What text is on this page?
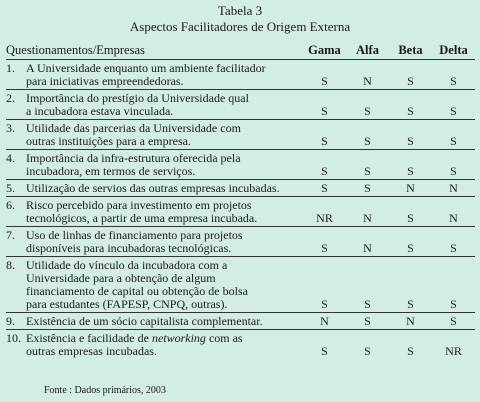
Tabela 3
Aspectos Facilitadores de Origem Externa
Questionamentos/Empresas		Gama	Alfa	Beta	Delta
1.	A Universidade enquanto um ambiente facilitador
para iniciativas empreendedoras.	S	N	S	S
2.	Importância do prestígio da Universidade qual
a incubadora estava vinculada.	S	S	S	S
3.	Utilidade das parcerias da Universidade com
outras instituições para a empresa.	S	S	S	S
4.	Importância da infra-estrutura oferecida pela
incubadora, em termos de serviços.	S	S	S	S
5.	Utilização de servios das outras empresas incubadas.	S	S	N	N
6.	Risco percebido para investimento em projetos
tecnológicos, a partir de uma empresa incubada.	NR	N	S	N
7.	Uso de linhas de financiamento para projetos
disponíveis para incubadoras tecnológicas.	S	N	S	S
8.	Utilidade do vínculo da incubadora com a
Universidade para a obtenção de algum
financiamento de capital ou obtenção de bolsa
para estudantes (FAPESP, CNPQ, outras).	S	S	S	S
9.	Existência de um sócio capitalista complementar.	N	S	N	S
10.	Existência e facilidade de networking com as
outras empresas incubadas.	S	S	S	NR
Fonte : Dados primários, 2003
